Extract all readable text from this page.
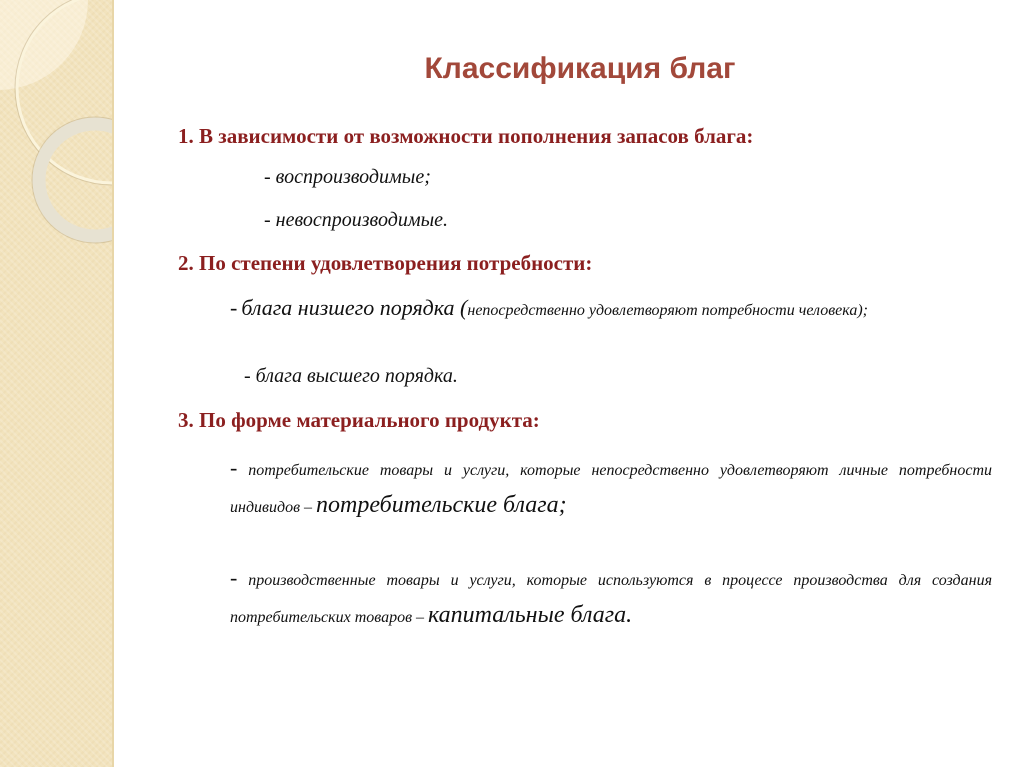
Классификация благ
1. В зависимости от возможности пополнения запасов блага:
- воспроизводимые;
- невоспроизводимые.
2. По степени удовлетворения потребности:
- блага низшего порядка (непосредственно удовлетворяют потребности человека);
- блага высшего порядка.
3. По форме материального продукта:
- потребительские товары и услуги, которые непосредственно удовлетворяют личные потребности индивидов – потребительские блага;
- производственные товары и услуги, которые используются в процессе производства для создания потребительских товаров – капитальные блага.
